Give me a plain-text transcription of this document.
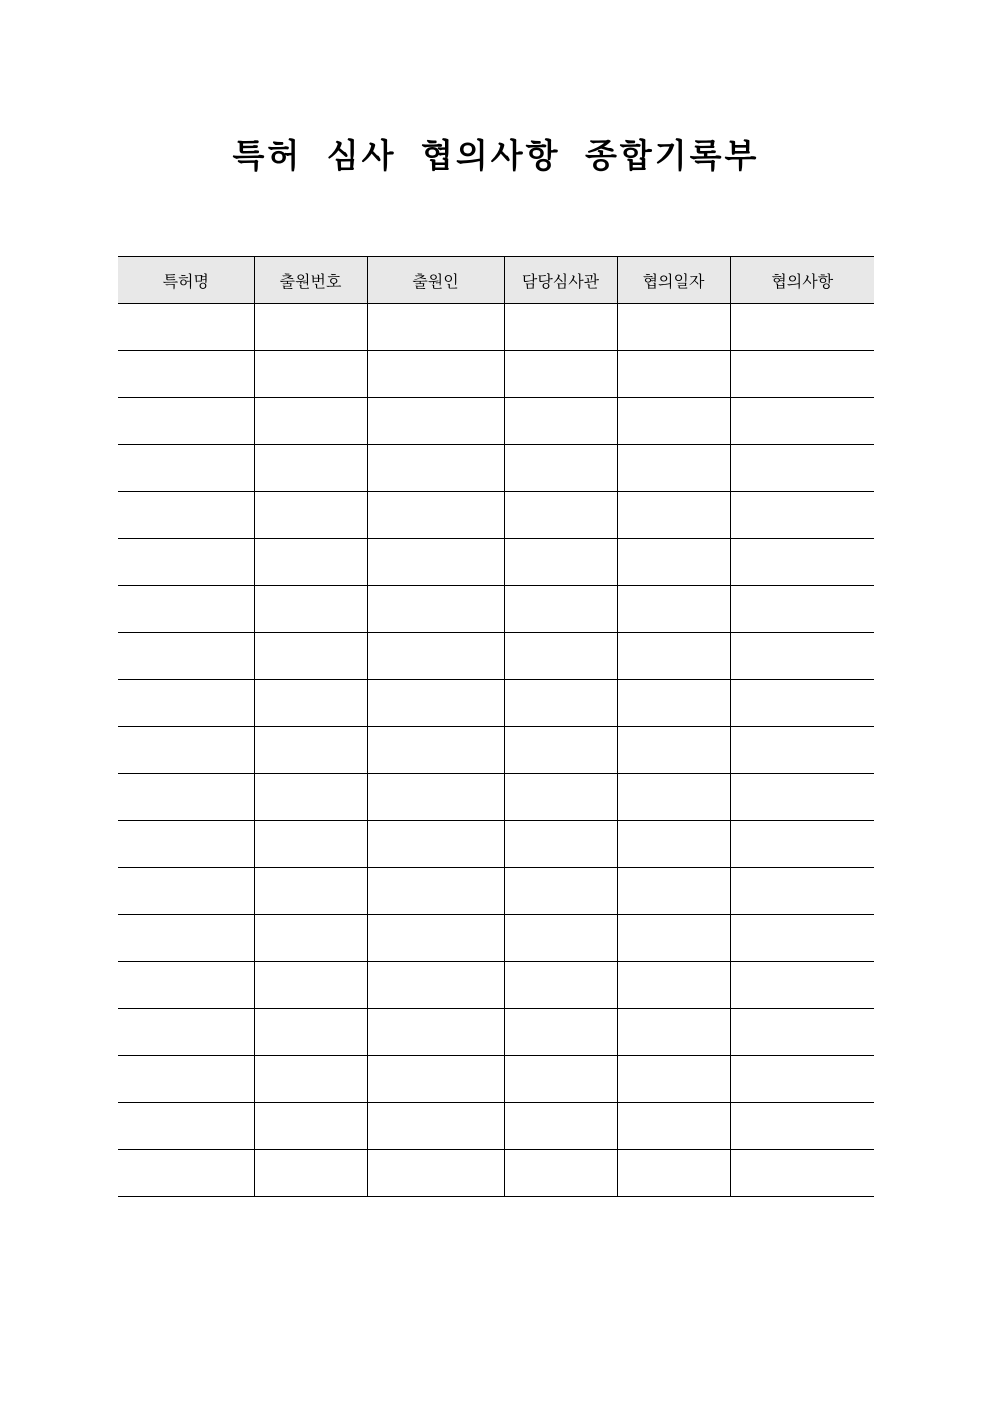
특허 심사 협의사항 종합기록부
특허명	출원번호	출원인	담당심사관	협의일자	협의사항
